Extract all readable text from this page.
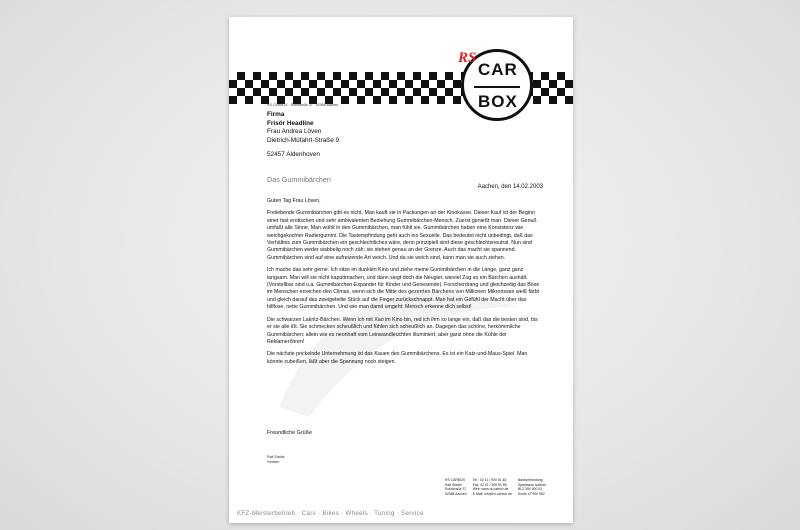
RS
CAR
BOX
RS CARBOX · Rotzstraße 37 · 52068 Aachen
Firma
Frisör Headline
Frau Andrea Löven
Dietrich-Müfahrt-Straße 9
52457 Aldenhoven
Das Gummibärchen
Aachen, den 14.02.2003
Guten Tag Frau Löven,

Freilebende Gummibärchen gibt es nicht. Man kauft sie in Packungen an der Kinokasse. Dieser Kauf ist der Beginn einer fast erotischen und sehr ambivalenten Beziehung Gummibärchen-Mensch. Zuerst genießt man. Dieser Genuß umfaßt alle Sinne. Man wühlt in den Gummibärchen, man fühlt sie. Gummibärchen haben eine Konsistenz wie weichgekochter Radiergummi. Die Tastempfindung geht auch ins Sexuelle. Das bedeutet nicht unbedingt, daß das Verhältnis zum Gummibärchen ein geschlechtliches wäre, denn prinzipiell sind diese geschlechtsneutral. Nun sind Gummibärchen weder wabbelig noch zäh; sie stehen genau an der Grenze. Auch das macht sie spannend. Gummibärchen sind auf eine aufreizende Art weich. Und da sie weich sind, kann man sie auch ziehen.

Ich mache das sehr gerne. Ich sitze im dunklen Kino und ziehe meine Gummibärchen in die Länge, ganz ganz langsam. Man will sie nicht kaputtmachen, und dann siegt doch die Neugier, wieviel Zug so ein Bärchen aushält. (Vorstellbar sind u.a. Gummibärchen-Expander für Kinder und Genesende). Forscherdrang und gleichzeitig das Böse im Menschen erreichen den Climax, wenn sich die Mitte des gezerrten Bärchens von Millionen Mikrorissen weiß färbt und gleich darauf das zweigeteilte Stück auf die Finger zurückschnappt. Man hat ein Gefühl der Macht über das hilflose, nette Gummibärchen. Und wie man damit umgeht: Mensch erkenne dich selbst!

Die schwarzen Lakritz-Bärchen. Wenn ich mit Xao im Kino bin, red ich ihm so lange ein, daß das die besten sind, bis er sie alle ißt. Sie schmecken scheußlich und fühlen sich scheußlich an. Dagegen das schöne, herkömmliche Gummibärchen: allein wie es neonhaft vom Leinwandleuchten illuminiert, aber ganz ohne die Kühle der Reklameröhren!

Die nächste prickelnde Unternehmung ist das Kauen des Gummibärchens. Es ist ein Katz-und-Maus-Spiel. Man könnte zubeißen, läßt aber die Spannung noch steigen.

Freundliche Grüße
Ralf Stadie
Inhaber
RS CARBOX
Ralf Stadie
Rotzstraße 37
52068 Aachen
Tel.: 02 41 / 900 51 45
Fax: 02 41 / 900 51 85
Web: www.rs-carbox.de
E-Mail: info@rs-carbox.de
Bankverbindung:
Sparkasse Aachen
BLZ 390 500 00
Konto 47 900 582
KFZ-Meisterbetrieb · Cars · Bikes · Wheels · Tuning · Service
